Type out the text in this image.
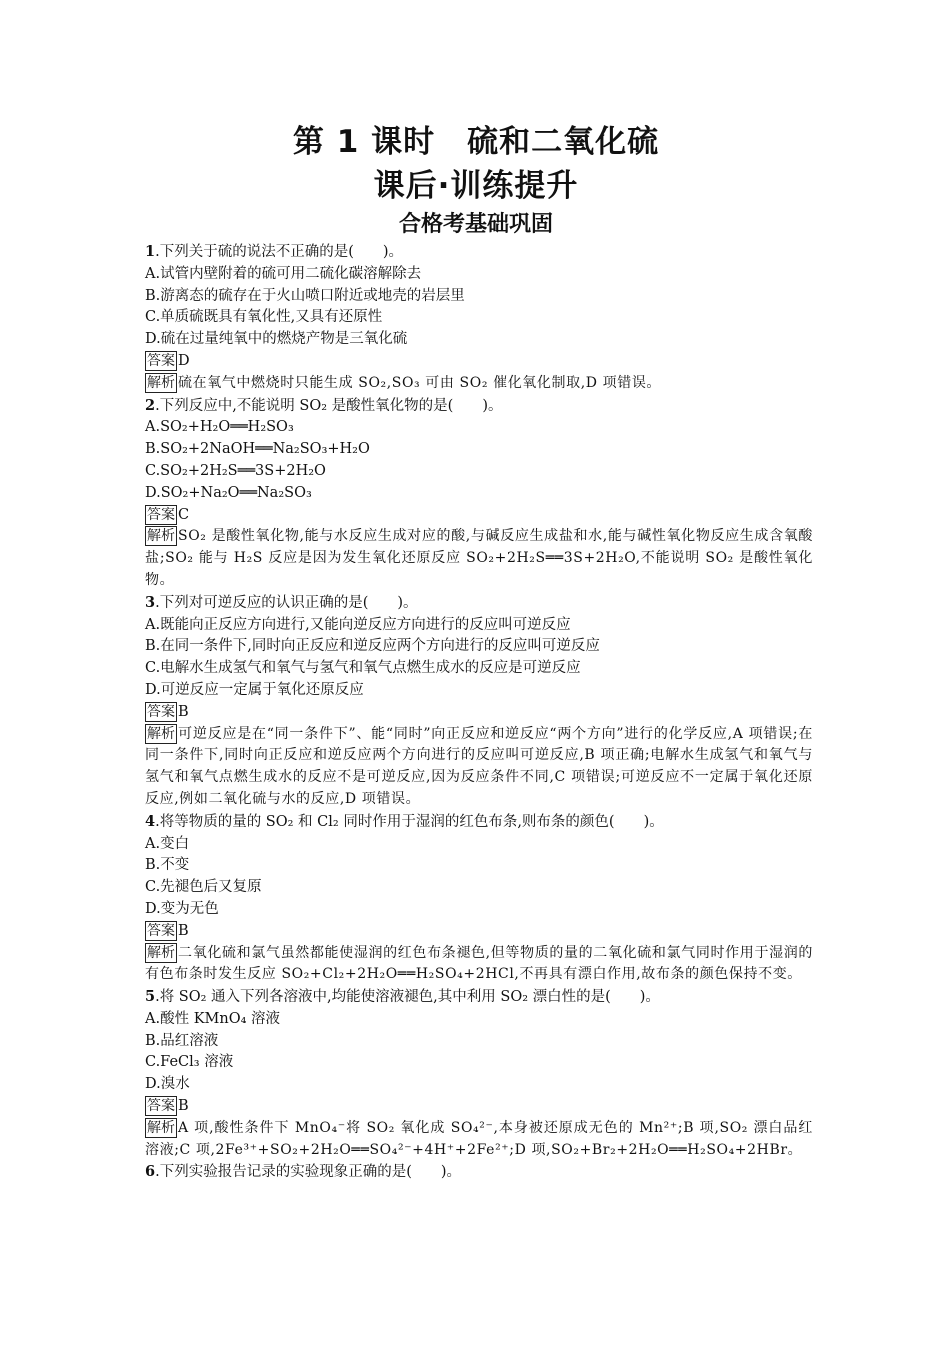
第 1 课时　硫和二氧化硫
课后·训练提升
合格考基础巩固
1.下列关于硫的说法不正确的是(　　)。
A.试管内壁附着的硫可用二硫化碳溶解除去
B.游离态的硫存在于火山喷口附近或地壳的岩层里
C.单质硫既具有氧化性,又具有还原性
D.硫在过量纯氧中的燃烧产物是三氧化硫
答案 D
解析 硫在氧气中燃烧时只能生成 SO₂,SO₃ 可由 SO₂ 催化氧化制取,D 项错误。
2.下列反应中,不能说明 SO₂ 是酸性氧化物的是(　　)。
A.SO₂+H₂O══H₂SO₃
B.SO₂+2NaOH══Na₂SO₃+H₂O
C.SO₂+2H₂S══3S+2H₂O
D.SO₂+Na₂O══Na₂SO₃
答案 C
解析 SO₂ 是酸性氧化物,能与水反应生成对应的酸,与碱反应生成盐和水,能与碱性氧化物反应生成含氧酸盐;SO₂ 能与 H₂S 反应是因为发生氧化还原反应 SO₂+2H₂S══3S+2H₂O,不能说明 SO₂ 是酸性氧化物。
3.下列对可逆反应的认识正确的是(　　)。
A.既能向正反应方向进行,又能向逆反应方向进行的反应叫可逆反应
B.在同一条件下,同时向正反应和逆反应两个方向进行的反应叫可逆反应
C.电解水生成氢气和氧气与氢气和氧气点燃生成水的反应是可逆反应
D.可逆反应一定属于氧化还原反应
答案 B
解析 可逆反应是在“同一条件下”、能“同时”向正反应和逆反应“两个方向”进行的化学反应,A 项错误;在同一条件下,同时向正反应和逆反应两个方向进行的反应叫可逆反应,B 项正确;电解水生成氢气和氧气与氢气和氧气点燃生成水的反应不是可逆反应,因为反应条件不同,C 项错误;可逆反应不一定属于氧化还原反应,例如二氧化硫与水的反应,D 项错误。
4.将等物质的量的 SO₂ 和 Cl₂ 同时作用于湿润的红色布条,则布条的颜色(　　)。
A.变白
B.不变
C.先褪色后又复原
D.变为无色
答案 B
解析 二氧化硫和氯气虽然都能使湿润的红色布条褪色,但等物质的量的二氧化硫和氯气同时作用于湿润的有色布条时发生反应 SO₂+Cl₂+2H₂O══H₂SO₄+2HCl,不再具有漂白作用,故布条的颜色保持不变。
5.将 SO₂ 通入下列各溶液中,均能使溶液褪色,其中利用 SO₂ 漂白性的是(　　)。
A.酸性 KMnO₄ 溶液
B.品红溶液
C.FeCl₃ 溶液
D.溴水
答案 B
解析 A 项,酸性条件下 MnO₄⁻将 SO₂ 氧化成 SO₄²⁻,本身被还原成无色的 Mn²⁺;B 项,SO₂ 漂白品红溶液;C 项,2Fe³⁺+SO₂+2H₂O══SO₄²⁻+4H⁺+2Fe²⁺;D 项,SO₂+Br₂+2H₂O══H₂SO₄+2HBr。
6.下列实验报告记录的实验现象正确的是(　　)。
